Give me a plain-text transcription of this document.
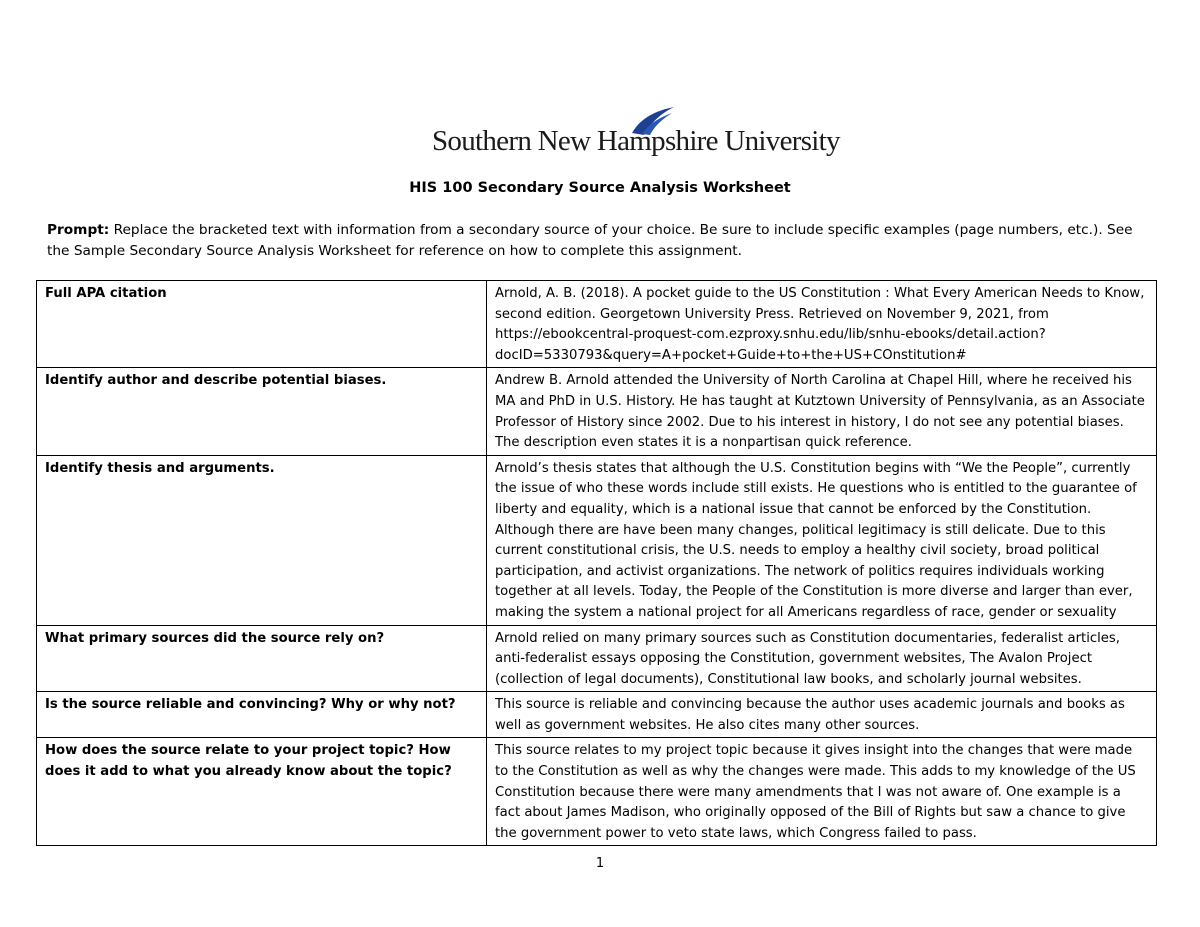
Southern New Hampshire University
HIS 100 Secondary Source Analysis Worksheet
Prompt: Replace the bracketed text with information from a secondary source of your choice. Be sure to include specific examples (page numbers, etc.). See the Sample Secondary Source Analysis Worksheet for reference on how to complete this assignment.
Full APA citation	Arnold, A. B. (2018). A pocket guide to the US Constitution : What Every American Needs to Know, second edition. Georgetown University Press. Retrieved on November 9, 2021, from https://ebookcentral-proquest-com.ezproxy.snhu.edu/lib/snhu-ebooks/detail.action?docID=5330793&query=A+pocket+Guide+to+the+US+COnstitution#
Identify author and describe potential biases.	Andrew B. Arnold attended the University of North Carolina at Chapel Hill, where he received his MA and PhD in U.S. History. He has taught at Kutztown University of Pennsylvania, as an Associate Professor of History since 2002. Due to his interest in history, I do not see any potential biases. The description even states it is a nonpartisan quick reference.
Identify thesis and arguments.	Arnold’s thesis states that although the U.S. Constitution begins with “We the People”, currently the issue of who these words include still exists. He questions who is entitled to the guarantee of liberty and equality, which is a national issue that cannot be enforced by the Constitution. Although there are have been many changes, political legitimacy is still delicate. Due to this current constitutional crisis, the U.S. needs to employ a healthy civil society, broad political participation, and activist organizations. The network of politics requires individuals working together at all levels. Today, the People of the Constitution is more diverse and larger than ever, making the system a national project for all Americans regardless of race, gender or sexuality
What primary sources did the source rely on?	Arnold relied on many primary sources such as Constitution documentaries, federalist articles, anti-federalist essays opposing the Constitution, government websites, The Avalon Project (collection of legal documents), Constitutional law books, and scholarly journal websites.
Is the source reliable and convincing? Why or why not?	This source is reliable and convincing because the author uses academic journals and books as well as government websites. He also cites many other sources.
How does the source relate to your project topic? How does it add to what you already know about the topic?	This source relates to my project topic because it gives insight into the changes that were made to the Constitution as well as why the changes were made. This adds to my knowledge of the US Constitution because there were many amendments that I was not aware of. One example is a fact about James Madison, who originally opposed of the Bill of Rights but saw a chance to give the government power to veto state laws, which Congress failed to pass.
1
